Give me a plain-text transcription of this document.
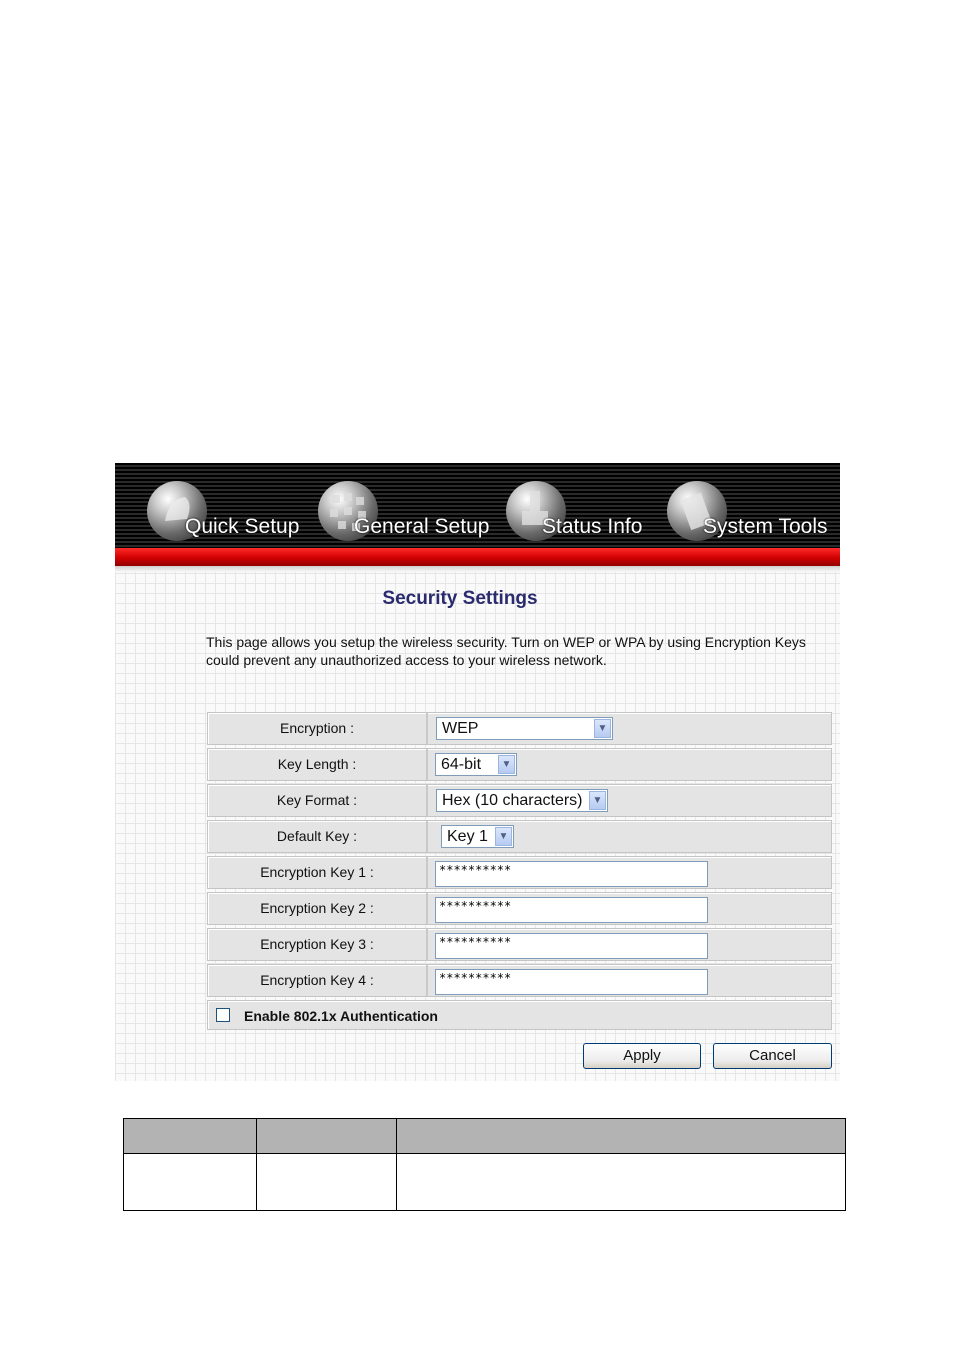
Quick Setup	General Setup	Status Info	System Tools
Security Settings
This page allows you setup the wireless security. Turn on WEP or WPA by using Encryption Keys could prevent any unauthorized access to your wireless network.
Encryption :	WEP	▼
Key Length :	64-bit	▼
Key Format :	Hex (10 characters)	▼
Default Key :	Key 1	▼
Encryption Key 1 :	**********
Encryption Key 2 :	**********
Encryption Key 3 :	**********
Encryption Key 4 :	**********
Enable 802.1x Authentication
Apply	Cancel
